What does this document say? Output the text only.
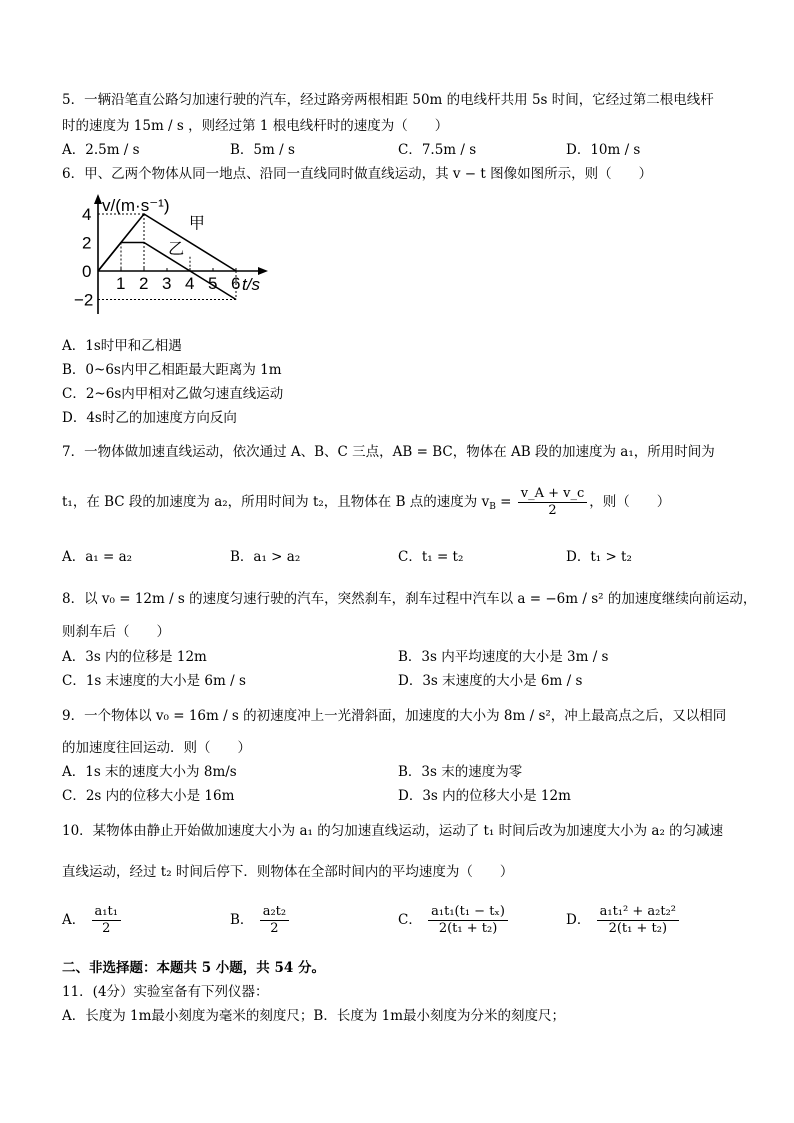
5．一辆沿笔直公路匀加速行驶的汽车，经过路旁两根相距 50m 的电线杆共用 5s 时间，它经过第二根电线杆
时的速度为 15m / s ，则经过第 1 根电线杆时的速度为（　　）
A．2.5m / s	B．5m / s	C．7.5m / s	D．10m / s
6．甲、乙两个物体从同一地点、沿同一直线同时做直线运动，其 v − t 图像如图所示，则（　　）
v/(m·s⁻¹)
t/s
甲
乙
1 2 3 4 5 6
4
2
0
−2
A．1s时甲和乙相遇
B．0~6s内甲乙相距最大距离为 1m
C．2~6s内甲相对乙做匀速直线运动
D．4s时乙的加速度方向反向
7．一物体做加速直线运动，依次通过 A、B、C 三点，AB = BC，物体在 AB 段的加速度为 a₁，所用时间为
t₁，在 BC 段的加速度为 a₂，所用时间为 t₂，且物体在 B 点的速度为 $v_B = \frac{v\_A + v\_c}{2}$ ，则（　　）
A．a₁ = a₂	B．a₁ > a₂	C．t₁ = t₂	D．t₁ > t₂
8．以 v₀ = 12m / s 的速度匀速行驶的汽车，突然刹车，刹车过程中汽车以 a = −6m / s² 的加速度继续向前运动，
则刹车后（　　）
A．3s 内的位移是 12m	B．3s 内平均速度的大小是 3m / s
C．1s 末速度的大小是 6m / s	D．3s 末速度的大小是 6m / s
9．一个物体以 v₀ = 16m / s 的初速度冲上一光滑斜面，加速度的大小为 8m / s²，冲上最高点之后，又以相同
的加速度往回运动．则（　　）
A．1s 末的速度大小为 8m/s	B．3s 末的速度为零
C．2s 内的位移大小是 16m	D．3s 内的位移大小是 12m
10．某物体由静止开始做加速度大小为 a₁ 的匀加速直线运动，运动了 t₁ 时间后改为加速度大小为 a₂ 的匀减速
直线运动，经过 t₂ 时间后停下．则物体在全部时间内的平均速度为（　　）
A． $\frac{\text{a₁t₁}}{2}$	B． $\frac{\text{a₂t₂}}{2}$	C． $\frac{\text{a₁t₁(t₁ − tₓ)}}{\text{2(t₁ + t₂)}}$	D． $\frac{\text{a₁t₁² + a₂t₂²}}{\text{2(t₁ + t₂)}}$
二、非选择题：本题共 5 小题，共 54 分。
11．(4分）实验室备有下列仪器：
A．长度为 1m最小刻度为毫米的刻度尺；B．长度为 1m最小刻度为分米的刻度尺；
